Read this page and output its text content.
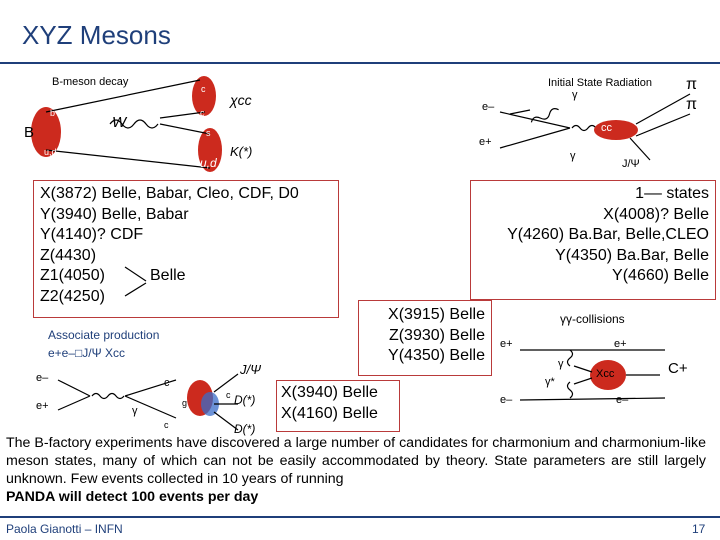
XYZ Mesons
B-meson decay
B
b
u,d
W
c
c
s
u,d
χcc
K(*)
Initial State Radiation π
π
γ
e–
e+
cc
γ
J/Ψ
X(3872) Belle, Babar, Cleo, CDF, D0
Y(3940) Belle, Babar
Y(4140)? CDF
Z(4430)
Z1(4050)	Belle
Z2(4250)
1–– states
X(4008)? Belle
Y(4260) Ba.Bar, Belle,CLEO
Y(4350) Ba.Bar, Belle
Y(4660) Belle
X(3915) Belle
Z(3930) Belle
Y(4350) Belle
γγ-collisions
e+	e+
γ
γ*
Xcc	C+
e–	e–
Associate production
e+e–□J/Ψ Xcc
e–
e+	γ
c
c
g
J/Ψ
c D(*)
D(*)
X(3940) Belle
X(4160) Belle
The B-factory experiments have discovered a large number of candidates for charmonium and charmonium-like meson states, many of which can not be easily accommodated by theory. State parameters are still largely unknown. Few events collected in 10 years of running
PANDA will detect 100 events per day
Paola Gianotti – INFN	17
